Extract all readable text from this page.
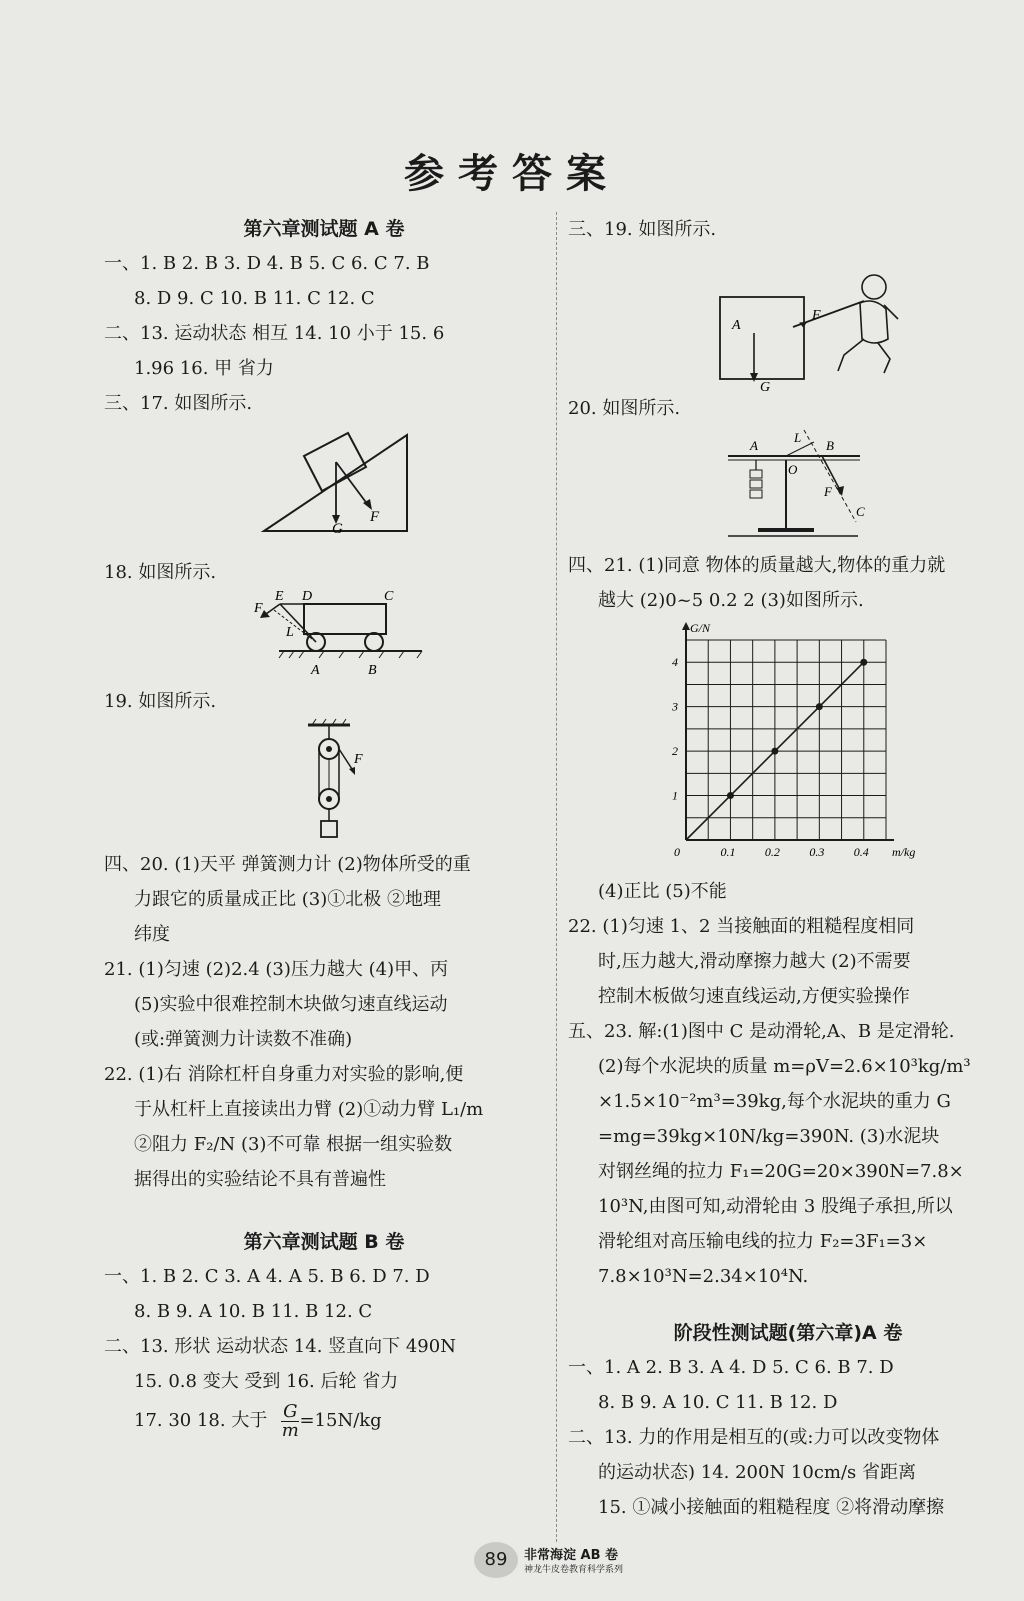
参考答案

第六章测试题 A 卷

一、1. B 2. B 3. D 4. B 5. C 6. C 7. B

8. D 9. C 10. B 11. C 12. C

二、13. 运动状态 相互 14. 10 小于 15. 6

1.96 16. 甲 省力

三、17. 如图所示.

G
F

18. 如图所示.

F
E D	C
L
A	B

19. 如图所示.

F

四、20. (1)天平 弹簧测力计 (2)物体所受的重

力跟它的质量成正比 (3)①北极 ②地理

纬度

21. (1)匀速 (2)2.4 (3)压力越大 (4)甲、丙

(5)实验中很难控制木块做匀速直线运动

(或:弹簧测力计读数不准确)

22. (1)右 消除杠杆自身重力对实验的影响,便

于从杠杆上直接读出力臂 (2)①动力臂 L₁/m

②阻力 F₂/N (3)不可靠 根据一组实验数

据得出的实验结论不具有普遍性

第六章测试题 B 卷

一、1. B 2. C 3. A 4. A 5. B 6. D 7. D

8. B 9. A 10. B 11. B 12. C

二、13. 形状 运动状态 14. 竖直向下 490N

15. 0.8 变大 受到 16. 后轮 省力

17. 30 18. 大于 $\frac{G}{m} =15N/kg$

三、19. 如图所示.

F
A
G

20. 如图所示.

A
L
B
O
F
C

四、21. (1)同意 物体的质量越大,物体的重力就

越大 (2)0~5 0.2 2 (3)如图所示.

0.1 0.2 0.3 0.4
1
2
3
4
0	m/kg
G/N

(4)正比 (5)不能

22. (1)匀速 1、2 当接触面的粗糙程度相同

时,压力越大,滑动摩擦力越大 (2)不需要

控制木板做匀速直线运动,方便实验操作

五、23. 解:(1)图中 C 是动滑轮,A、B 是定滑轮.

(2)每个水泥块的质量 m=ρV=2.6×10³kg/m³

×1.5×10⁻²m³=39kg,每个水泥块的重力 G

=mg=39kg×10N/kg=390N. (3)水泥块

对钢丝绳的拉力 F₁=20G=20×390N=7.8×

10³N,由图可知,动滑轮由 3 股绳子承担,所以

滑轮组对高压输电线的拉力 F₂=3F₁=3×

7.8×10³N=2.34×10⁴N.

阶段性测试题(第六章)A 卷

一、1. A 2. B 3. A 4. D 5. C 6. B 7. D

8. B 9. A 10. C 11. B 12. D

二、13. 力的作用是相互的(或:力可以改变物体

的运动状态) 14. 200N 10cm/s 省距离

15. ①减小接触面的粗糙程度 ②将滑动摩擦

89	非常海淀 AB 卷
神龙牛皮卷教育科学系列
